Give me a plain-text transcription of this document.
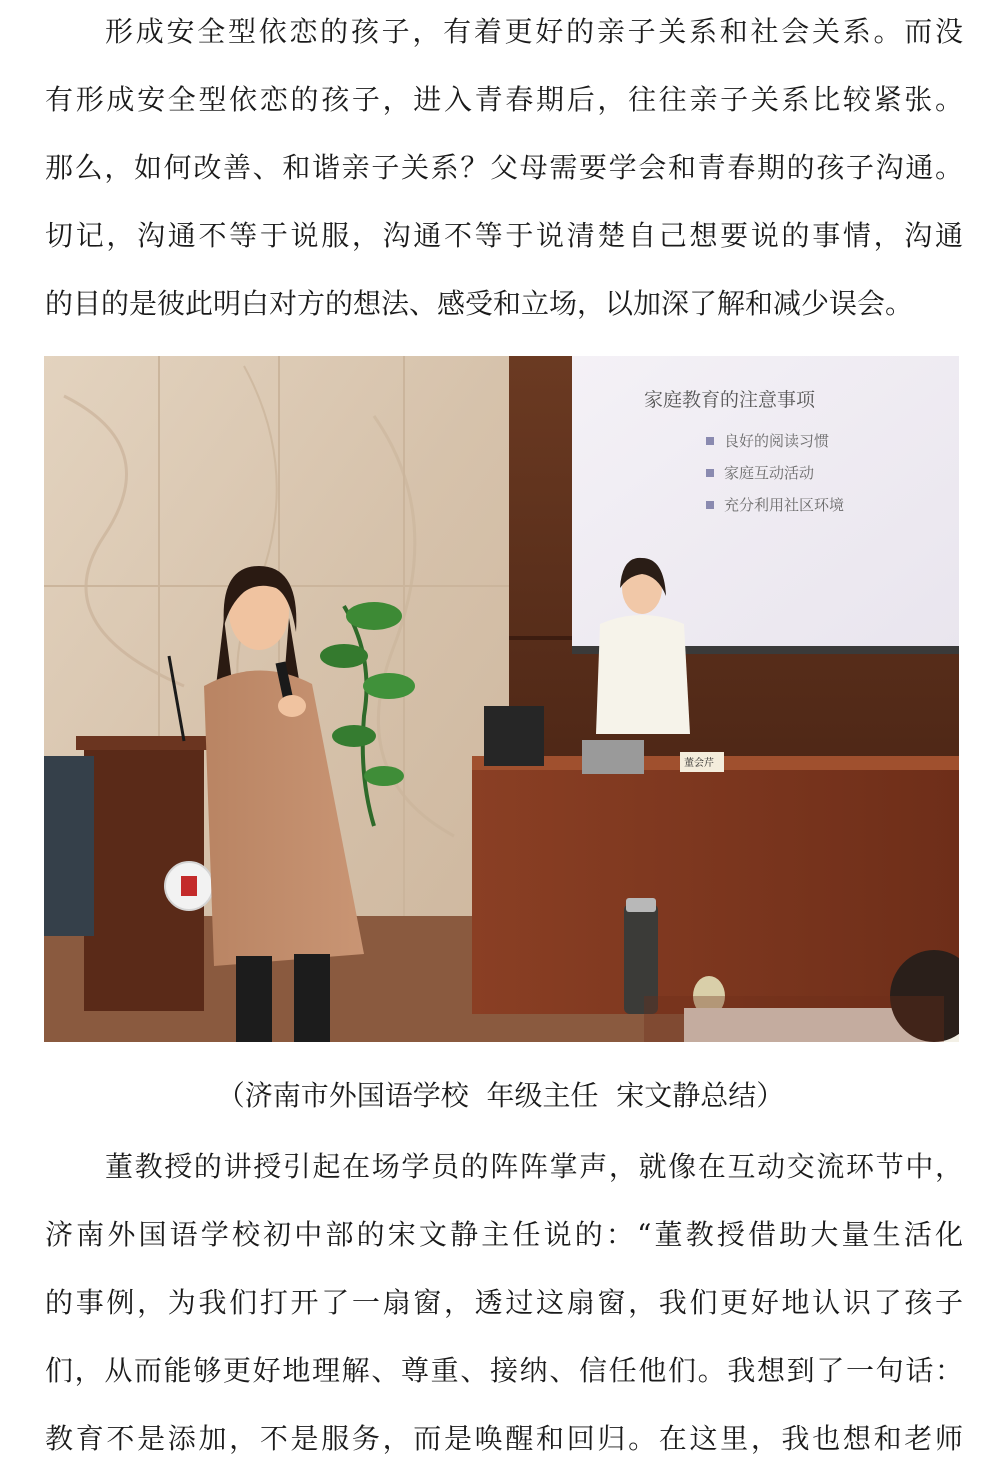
形成安全型依恋的孩子，有着更好的亲子关系和社会关系。而没
有形成安全型依恋的孩子，进入青春期后，往往亲子关系比较紧张。
那么，如何改善、和谐亲子关系？父母需要学会和青春期的孩子沟通。
切记，沟通不等于说服，沟通不等于说清楚自己想要说的事情，沟通
的目的是彼此明白对方的想法、感受和立场，以加深了解和减少误会。
家庭教育的注意事项
良好的阅读习惯
家庭互动活动
充分利用社区环境
董会芹
（济南市外国语学校  年级主任  宋文静总结）
董教授的讲授引起在场学员的阵阵掌声，就像在互动交流环节中，
济南外国语学校初中部的宋文静主任说的：“董教授借助大量生活化
的事例，为我们打开了一扇窗，透过这扇窗，我们更好地认识了孩子
们，从而能够更好地理解、尊重、接纳、信任他们。我想到了一句话：
教育不是添加，不是服务，而是唤醒和回归。在这里，我也想和老师
